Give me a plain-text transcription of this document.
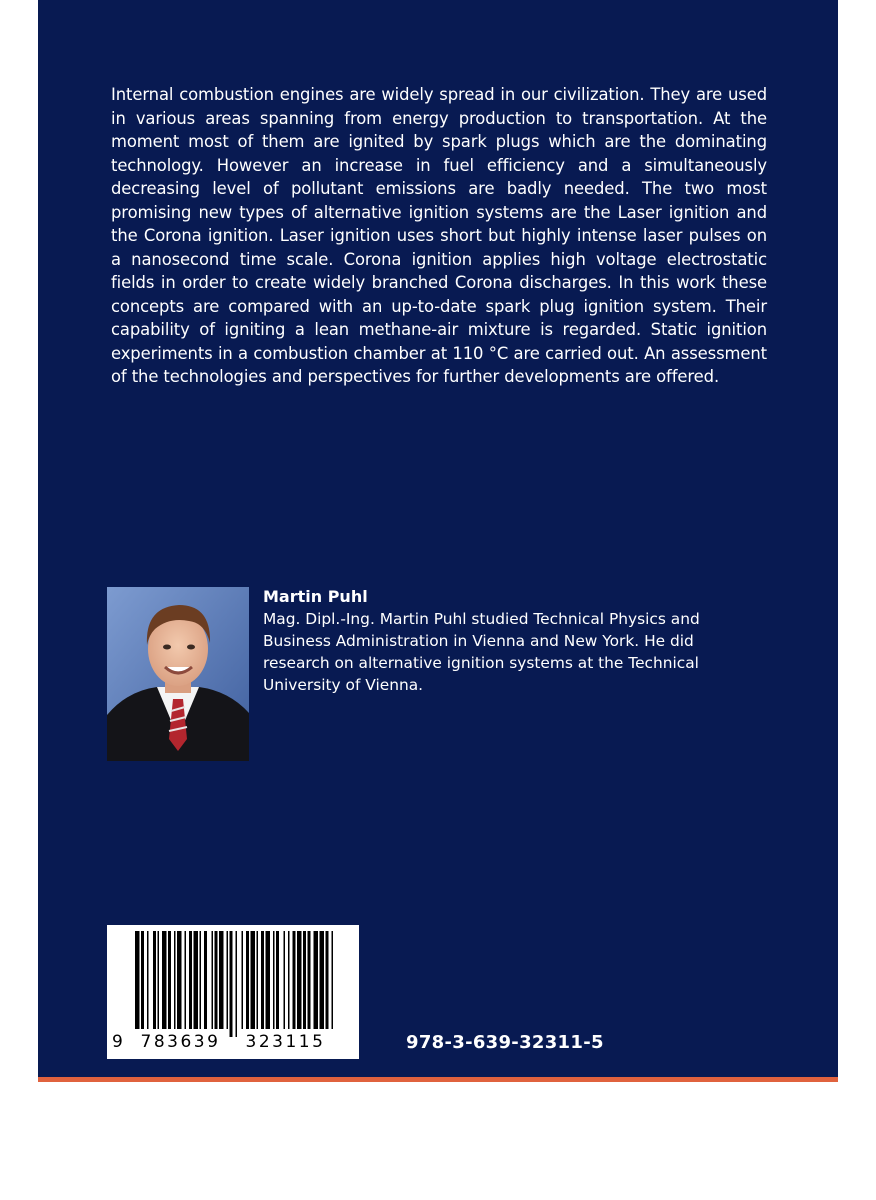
Internal combustion engines are widely spread in our civilization. They are used in various areas spanning from energy production to transportation. At the moment most of them are ignited by spark plugs which are the dominating technology. However an increase in fuel efficiency and a simultaneously decreasing level of pollutant emissions are badly needed. The two most promising new types of alternative ignition systems are the Laser ignition and the Corona ignition. Laser ignition uses short but highly intense laser pulses on a nanosecond time scale. Corona ignition applies high voltage electrostatic fields in order to create widely branched Corona discharges. In this work these concepts are compared with an up-to-date spark plug ignition system. Their capability of igniting a lean methane-air mixture is regarded. Static ignition experiments in a combustion chamber at 110 °C are carried out. An assessment of the technologies and perspectives for further developments are offered.

Martin Puhl

Mag. Dipl.-Ing. Martin Puhl studied Technical Physics and Business Administration in Vienna and New York. He did research on alternative ignition systems at the Technical University of Vienna.

9	783639	323115	978-3-639-32311-5
